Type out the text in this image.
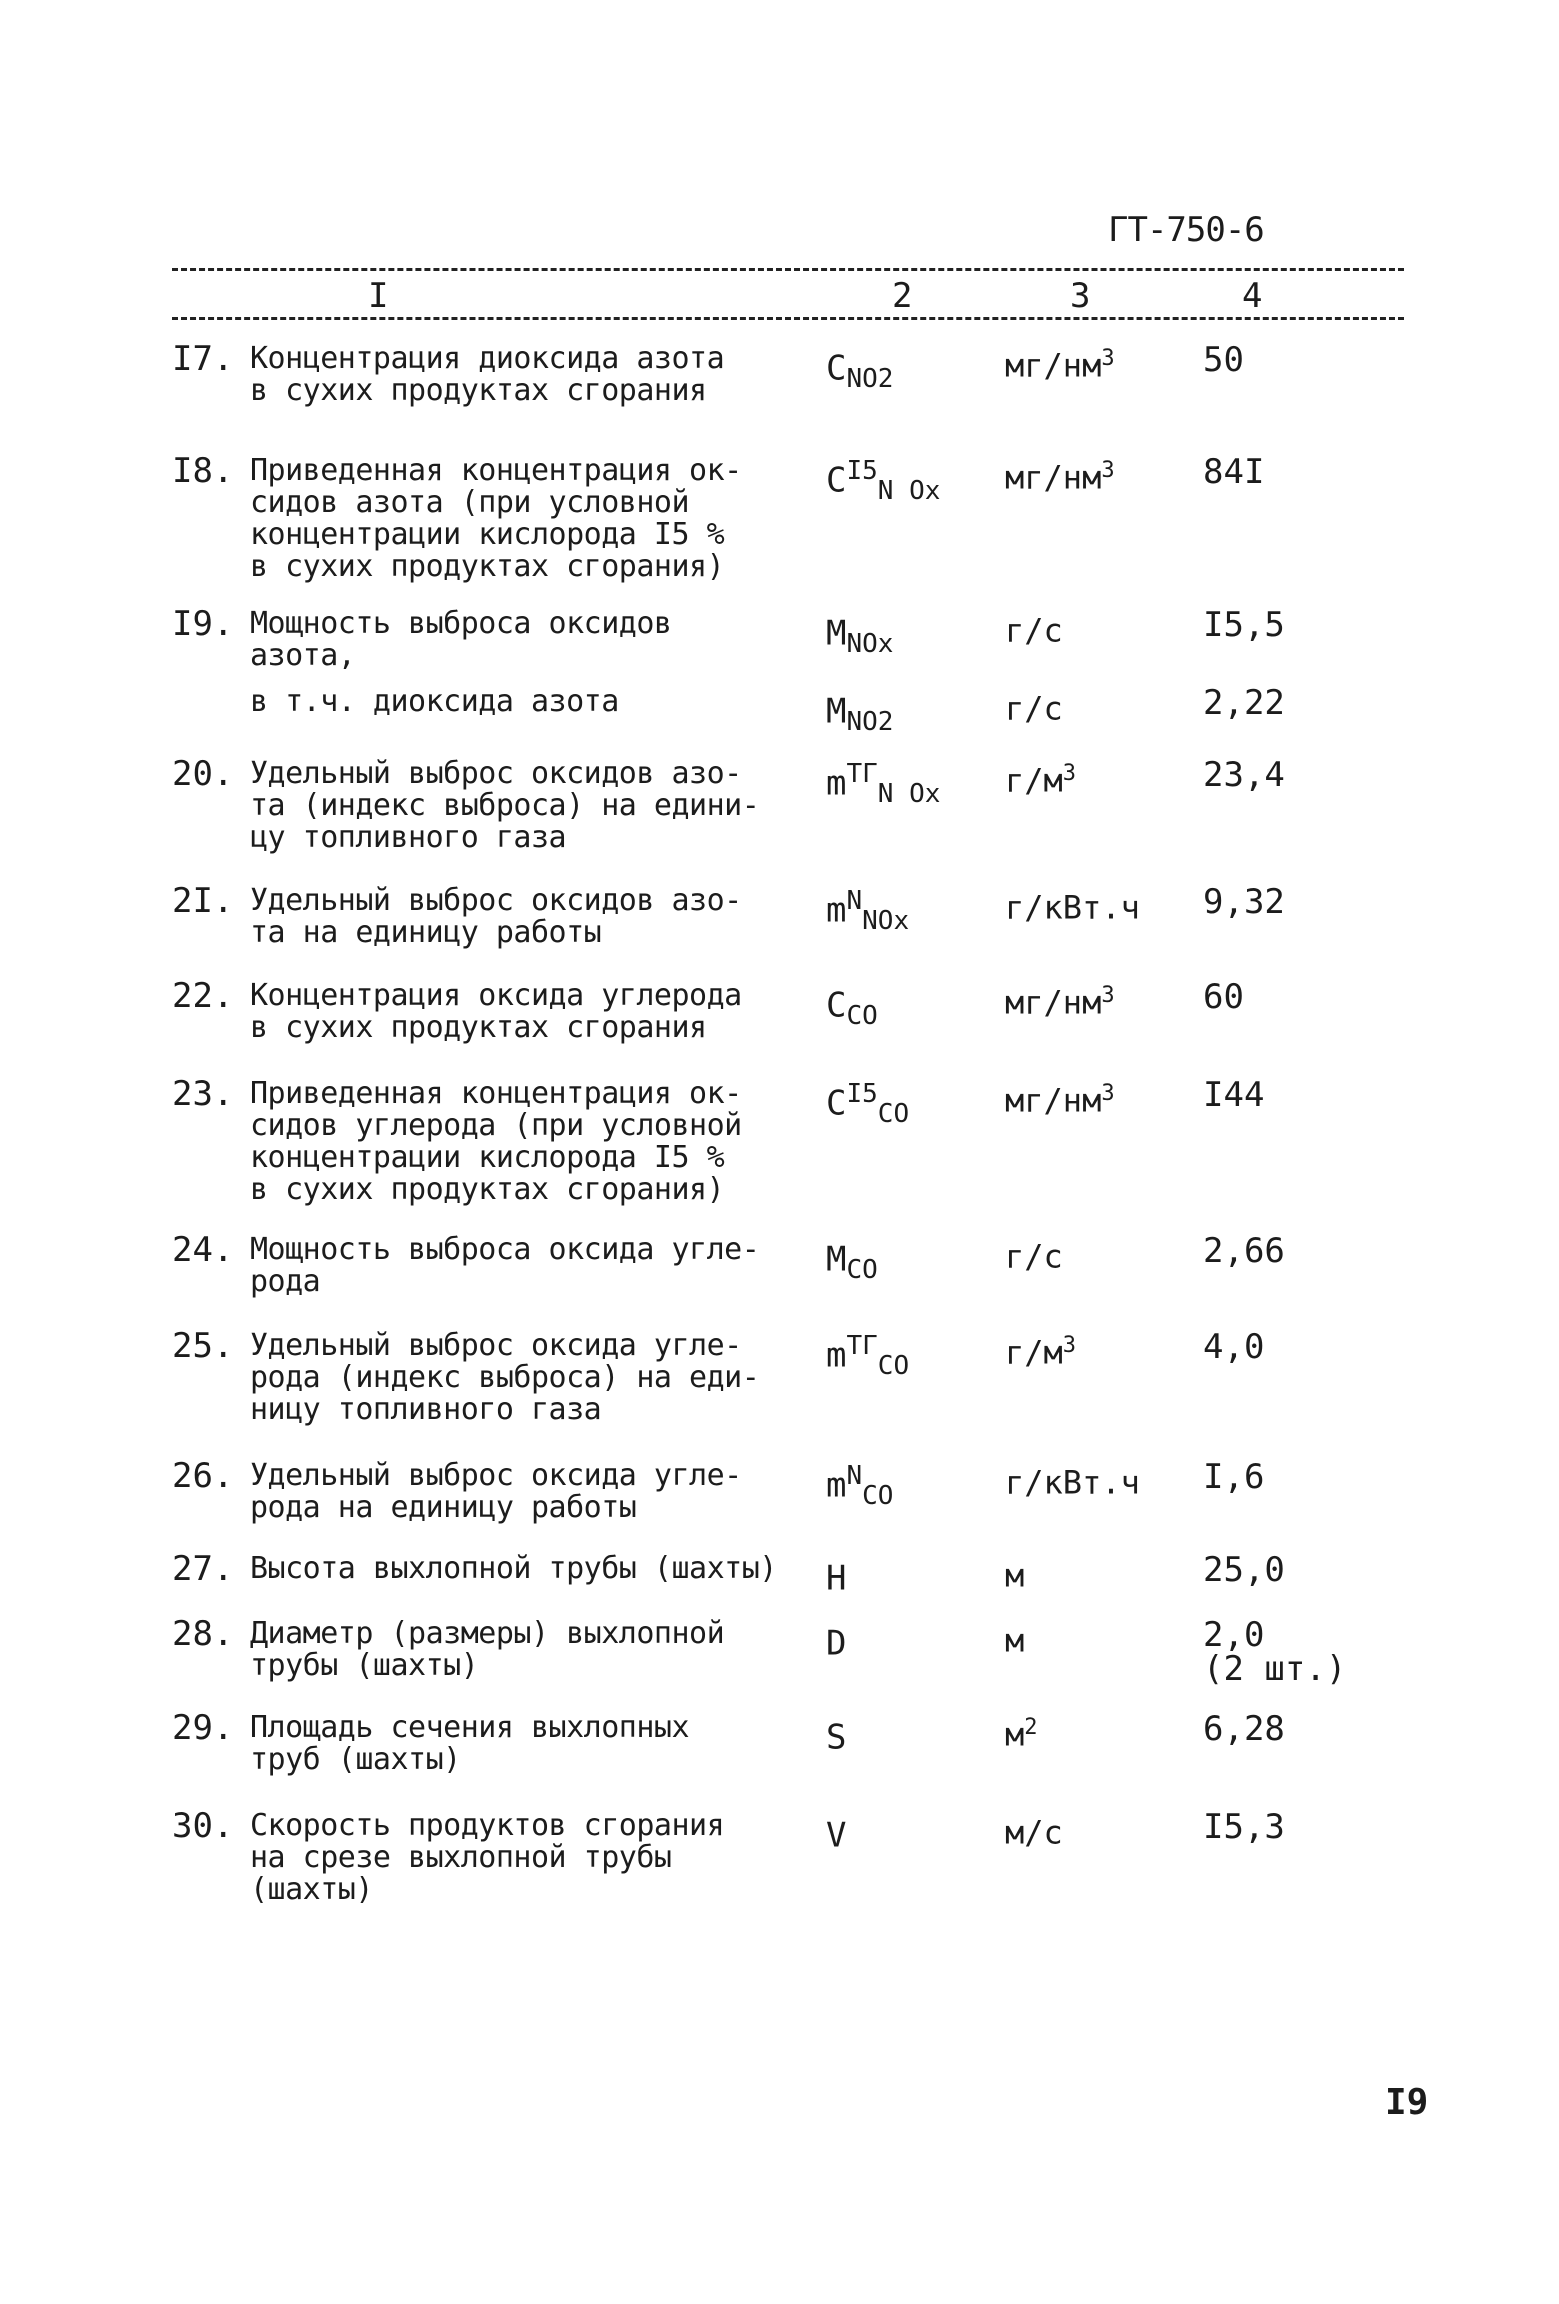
ГТ-750-6
I	2	3	4
I7. Концентрация диоксида азота
в сухих продуктах сгорания
$C_{NO2}$	$мг/нм^3$	50
I8. Приведенная концентрация ок-
сидов азота (при условной
концентрации кислорода I5 %
в сухих продуктах сгорания)
$C^{I5}_{N Ox}$	$мг/нм^3$	84I
I9. Мощность выброса оксидов
азота,
$M_{NOx}$	г/с	I5,5
в т.ч. диоксида азота	$M_{NO2}$	г/с	2,22
20. Удельный выброс оксидов азо-
та (индекс выброса) на едини-
цу топливного газа
$m^{ТГ}_{N Ox}$	$г/м^3$	23,4
2I. Удельный выброс оксидов азо-
та на единицу работы
$m^N_{NOx}$	г/кВт.ч	9,32
22. Концентрация оксида углерода
в сухих продуктах сгорания
$C_{CO}$	$мг/нм^3$	60
23. Приведенная концентрация ок-
сидов углерода (при условной
концентрации кислорода I5 %
в сухих продуктах сгорания)
$C^{I5}_{CO}$	$мг/нм^3$	I44
24. Мощность выброса оксида угле-
рода
$M_{CO}$	г/с	2,66
25. Удельный выброс оксида угле-
рода (индекс выброса) на еди-
ницу топливного газа
$m^{ТГ}_{CO}$	$г/м^3$	4,0
26. Удельный выброс оксида угле-
рода на единицу работы
$m^N_{CO}$	г/кВт.ч	I,6
27. Высота выхлопной трубы (шахты)	H	м	25,0
28. Диаметр (размеры) выхлопной
трубы (шахты)
D	м	2,0
(2 шт.)
29. Площадь сечения выхлопных
труб (шахты)
S	$м^2$	6,28
30. Скорость продуктов сгорания
на срезе выхлопной трубы
(шахты)
V	м/с	I5,3
I9
